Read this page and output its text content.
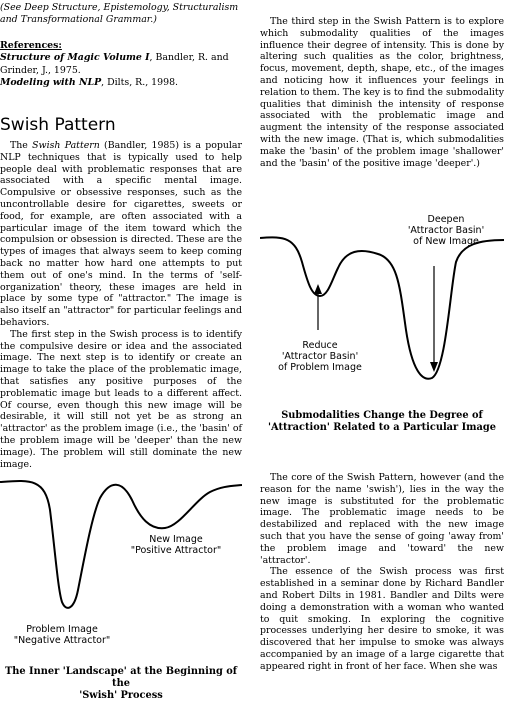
(See Deep Structure, Epistemology, Structuralism and Transformational Grammar.)
References:
Structure of Magic Volume I, Bandler, R. and Grinder, J., 1975.
Modeling with NLP, Dilts, R., 1998.
Swish Pattern

The Swish Pattern (Bandler, 1985) is a popular NLP techniques that is typically used to help people deal with problematic responses that are associated with a specific mental image. Compulsive or obsessive responses, such as the uncontrollable desire for cigarettes, sweets or food, for example, are often associated with a particular image of the item toward which the compulsion or obsession is directed. These are the types of images that always seem to keep coming back no matter how hard one attempts to put them out of one's mind. In the terms of 'self-organization' theory, these images are held in place by some type of "attractor." The image is also itself an "attractor" for particular feelings and behaviors.

The first step in the Swish process is to identify the compulsive desire or idea and the associated image. The next step is to identify or create an image to take the place of the problematic image, that satisfies any positive purposes of the problematic image but leads to a different affect. Of course, even though this new image will be desirable, it will still not yet be as strong an 'attractor' as the problem image (i.e., the 'basin' of the problem image will be 'deeper' than the new image). The problem will still dominate the new image.

New Image
"Positive Attractor"
Problem Image
"Negative Attractor"
The Inner 'Landscape' at the Beginning of the
'Swish' Process

The third step in the Swish Pattern is to explore which submodality qualities of the images influence their degree of intensity. This is done by altering such qualities as the color, brightness, focus, movement, depth, shape, etc., of the images and noticing how it influences your feelings in relation to them. The key is to find the submodality qualities that diminish the intensity of response associated with the problematic image and augment the intensity of the response associated with the new image. (That is, which submodalities make the 'basin' of the problem image 'shallower' and the 'basin' of the positive image 'deeper'.)

Deepen
'Attractor Basin'
of New Image
Reduce
'Attractor Basin'
of Problem Image
Submodalities Change the Degree of
'Attraction' Related to a Particular Image

The core of the Swish Pattern, however (and the reason for the name 'swish'), lies in the way the new image is substituted for the problematic image. The problematic image needs to be destabilized and replaced with the new image such that you have the sense of going 'away from' the problem image and 'toward' the new 'attractor'.

The essence of the Swish process was first established in a seminar done by Richard Bandler and Robert Dilts in 1981. Bandler and Dilts were doing a demonstration with a woman who wanted to quit smoking. In exploring the cognitive processes underlying her desire to smoke, it was discovered that her impulse to smoke was always accompanied by an image of a large cigarette that appeared right in front of her face. When she was
